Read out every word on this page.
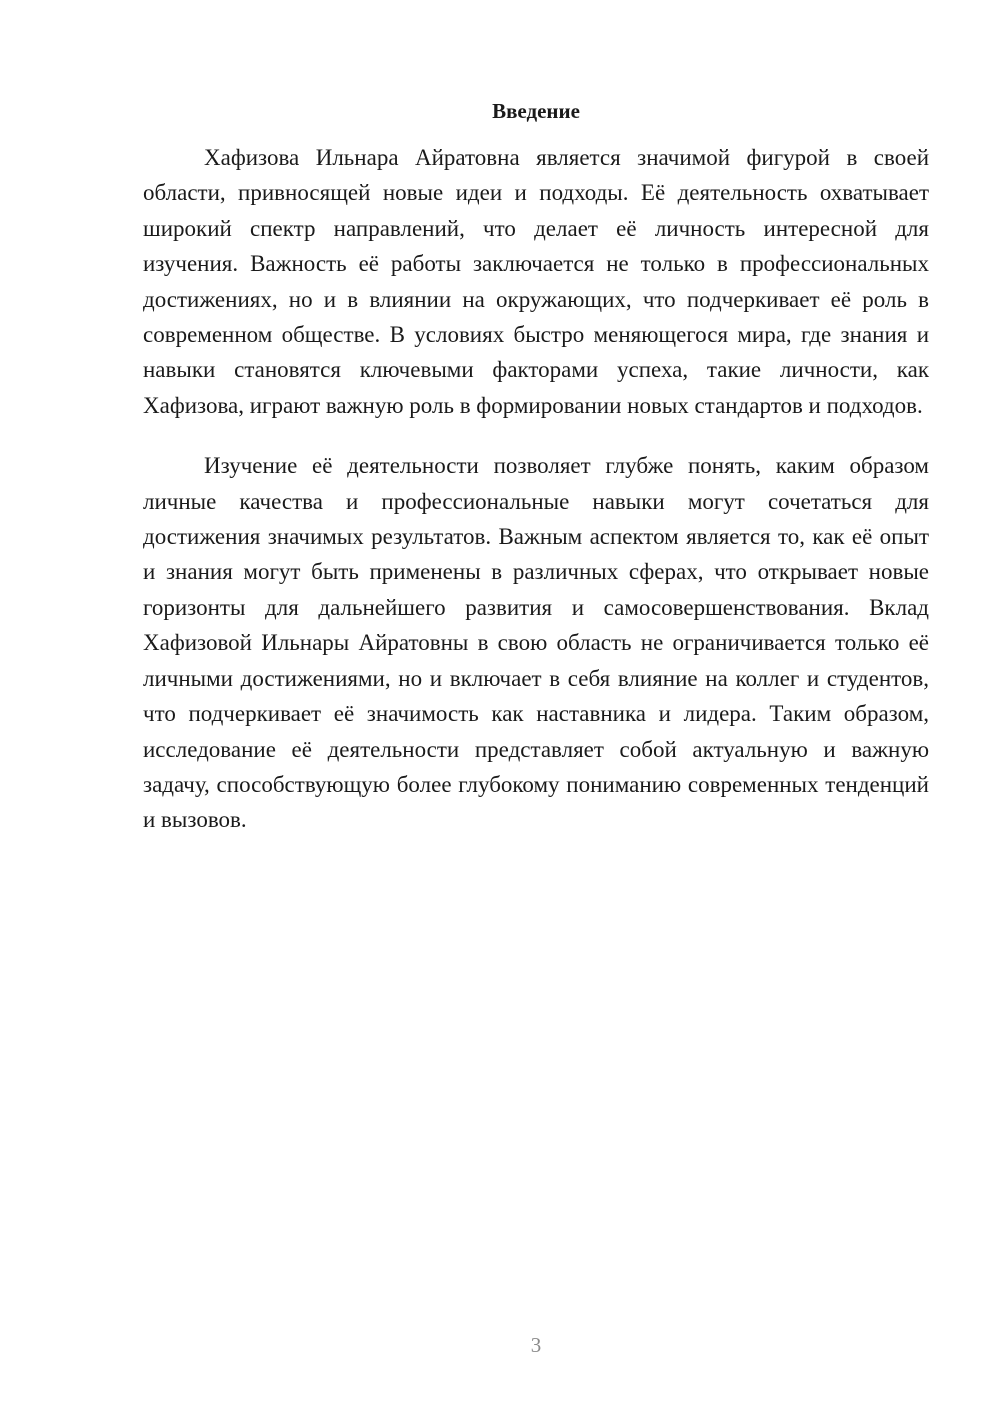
Введение

Хафизова Ильнара Айратовна является значимой фигурой в своей области, привносящей новые идеи и подходы. Её деятельность охватывает широкий спектр направлений, что делает её личность интересной для изучения. Важность её работы заключается не только в профессиональных достижениях, но и в влиянии на окружающих, что подчеркивает её роль в современном обществе. В условиях быстро меняющегося мира, где знания и навыки становятся ключевыми факторами успеха, такие личности, как Хафизова, играют важную роль в формировании новых стандартов и подходов.

Изучение её деятельности позволяет глубже понять, каким образом личные качества и профессиональные навыки могут сочетаться для достижения значимых результатов. Важным аспектом является то, как её опыт и знания могут быть применены в различных сферах, что открывает новые горизонты для дальнейшего развития и самосовершенствования. Вклад Хафизовой Ильнары Айратовны в свою область не ограничивается только её личными достижениями, но и включает в себя влияние на коллег и студентов, что подчеркивает её значимость как наставника и лидера. Таким образом, исследование её деятельности представляет собой актуальную и важную задачу, способствующую более глубокому пониманию современных тенденций и вызовов.

3
